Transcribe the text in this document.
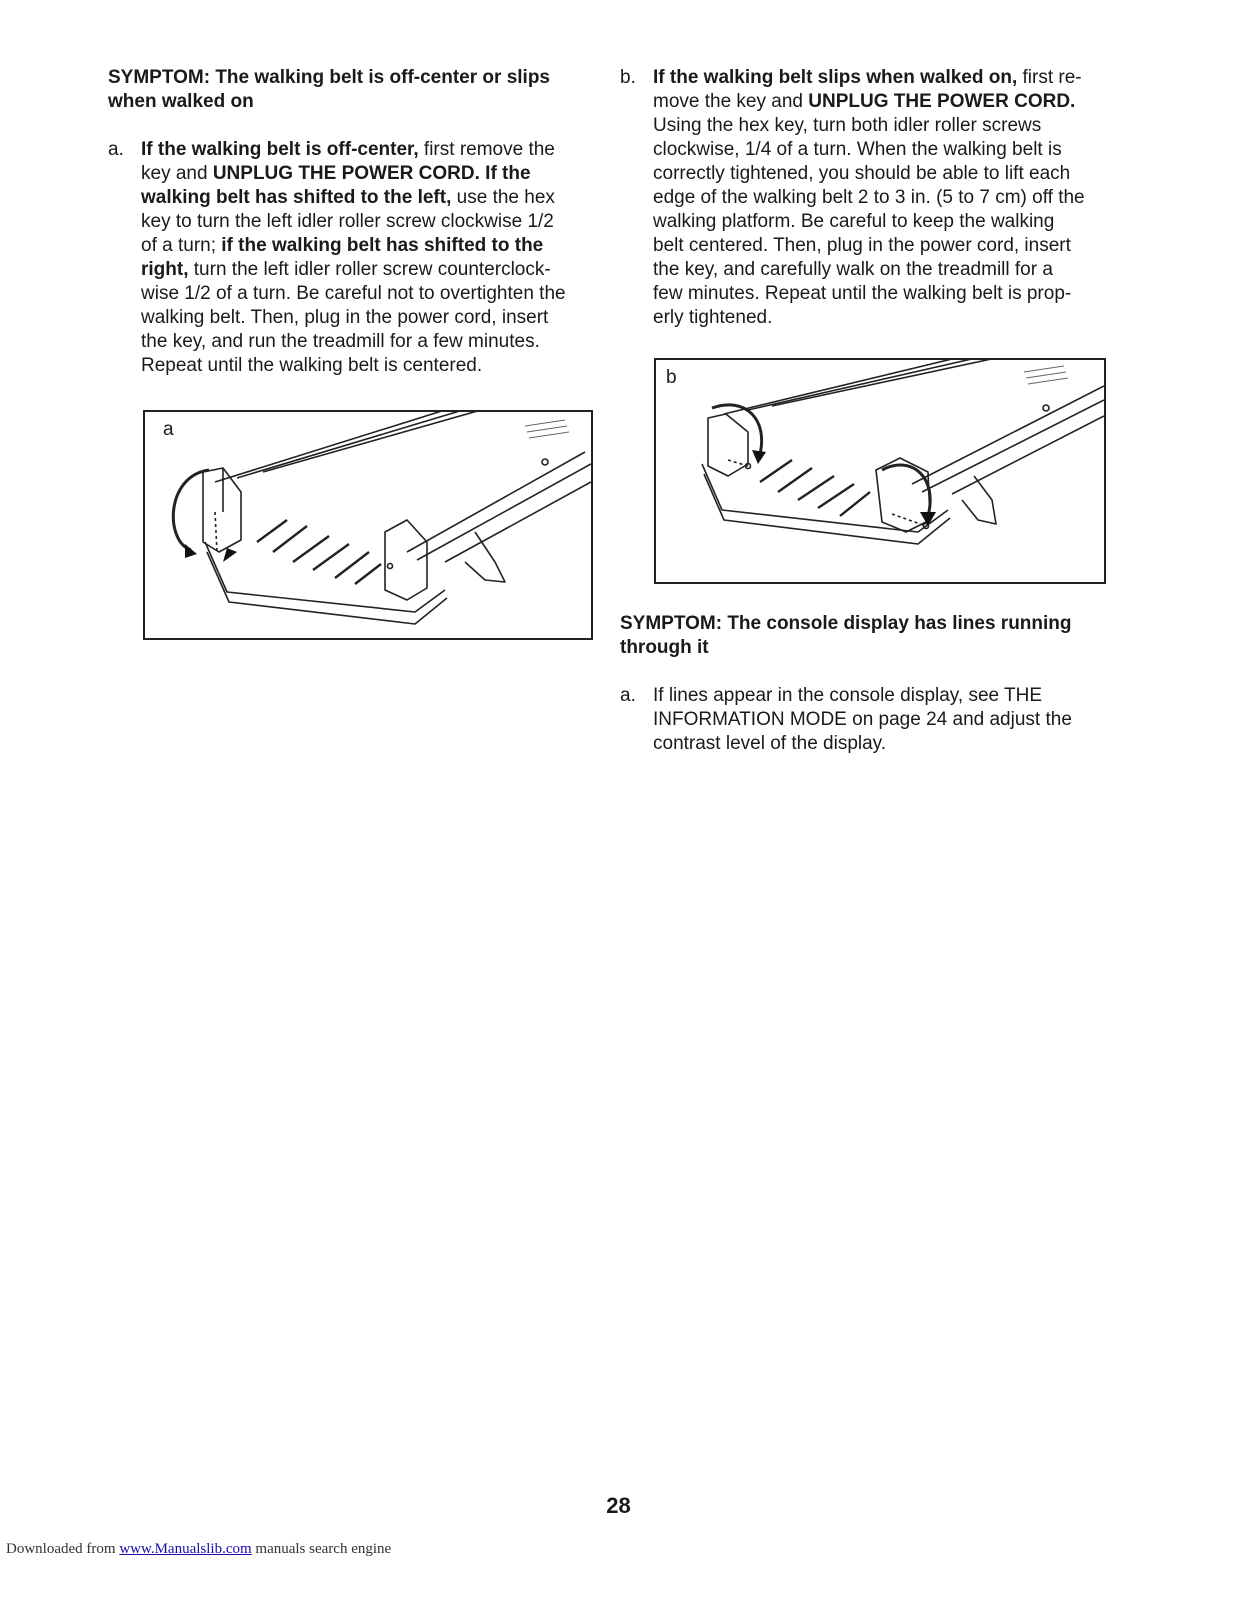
SYMPTOM: The walking belt is off-center or slips
when walked on

a. If the walking belt is off-center, first remove the
key and UNPLUG THE POWER CORD. If the
walking belt has shifted to the left, use the hex
key to turn the left idler roller screw clockwise 1/2
of a turn; if the walking belt has shifted to the
right, turn the left idler roller screw counterclock-
wise 1/2 of a turn. Be careful not to overtighten the
walking belt. Then, plug in the power cord, insert
the key, and run the treadmill for a few minutes.
Repeat until the walking belt is centered.
a
b. If the walking belt slips when walked on, first re-
move the key and UNPLUG THE POWER CORD.
Using the hex key, turn both idler roller screws
clockwise, 1/4 of a turn. When the walking belt is
correctly tightened, you should be able to lift each
edge of the walking belt 2 to 3 in. (5 to 7 cm) off the
walking platform. Be careful to keep the walking
belt centered. Then, plug in the power cord, insert
the key, and carefully walk on the treadmill for a
few minutes. Repeat until the walking belt is prop-
erly tightened.
b

SYMPTOM: The console display has lines running
through it

a. If lines appear in the console display, see THE
INFORMATION MODE on page 24 and adjust the
contrast level of the display.
28
Downloaded from www.Manualslib.com manuals search engine
